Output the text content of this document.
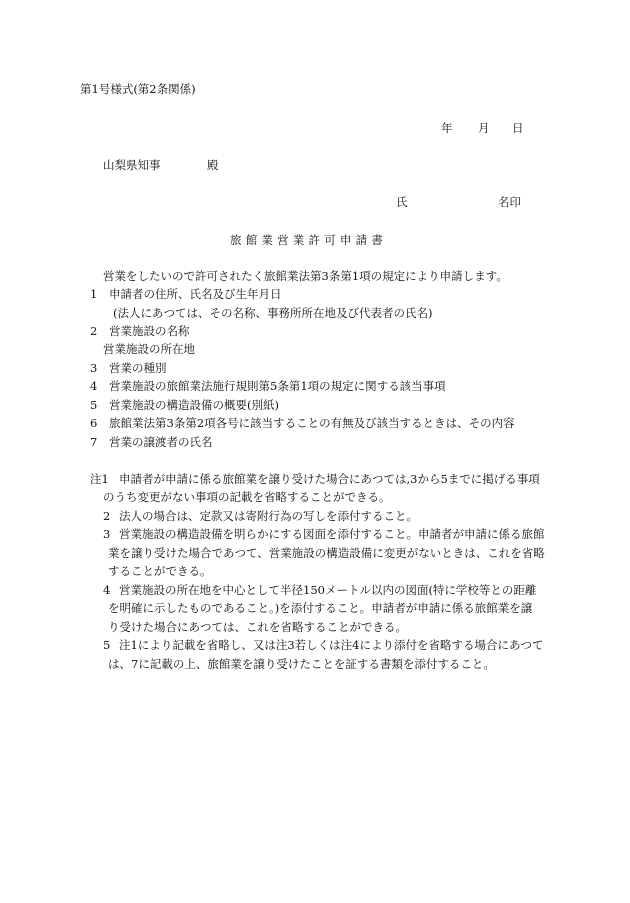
第1号様式(第2条関係)
年 月 日
山梨県知事	殿
氏	名印
旅館業営業許可申請書
営業をしたいので許可されたく旅館業法第3条第1項の規定により申請します。
1 申請者の住所、氏名及び生年月日
(法人にあつては、その名称、事務所所在地及び代表者の氏名)
2 営業施設の名称
営業施設の所在地
3 営業の種別
4 営業施設の旅館業法施行規則第5条第1項の規定に関する該当事項
5 営業施設の構造設備の概要(別紙)
6 旅館業法第3条第2項各号に該当することの有無及び該当するときは、その内容
7 営業の譲渡者の氏名
注1 申請者が申請に係る旅館業を譲り受けた場合にあつては,3から5までに掲げる事項
のうち変更がない事項の記載を省略することができる。
2 法人の場合は、定款又は寄附行為の写しを添付すること。
3 営業施設の構造設備を明らかにする図面を添付すること。申請者が申請に係る旅館
業を譲り受けた場合であつて、営業施設の構造設備に変更がないときは、これを省略
することができる。
4 営業施設の所在地を中心として半径150メートル以内の図面(特に学校等との距離
を明確に示したものであること。)を添付すること。申請者が申請に係る旅館業を譲
り受けた場合にあつては、これを省略することができる。
5 注1により記載を省略し、又は注3若しくは注4により添付を省略する場合にあつて
は、7に記載の上、旅館業を譲り受けたことを証する書類を添付すること。
